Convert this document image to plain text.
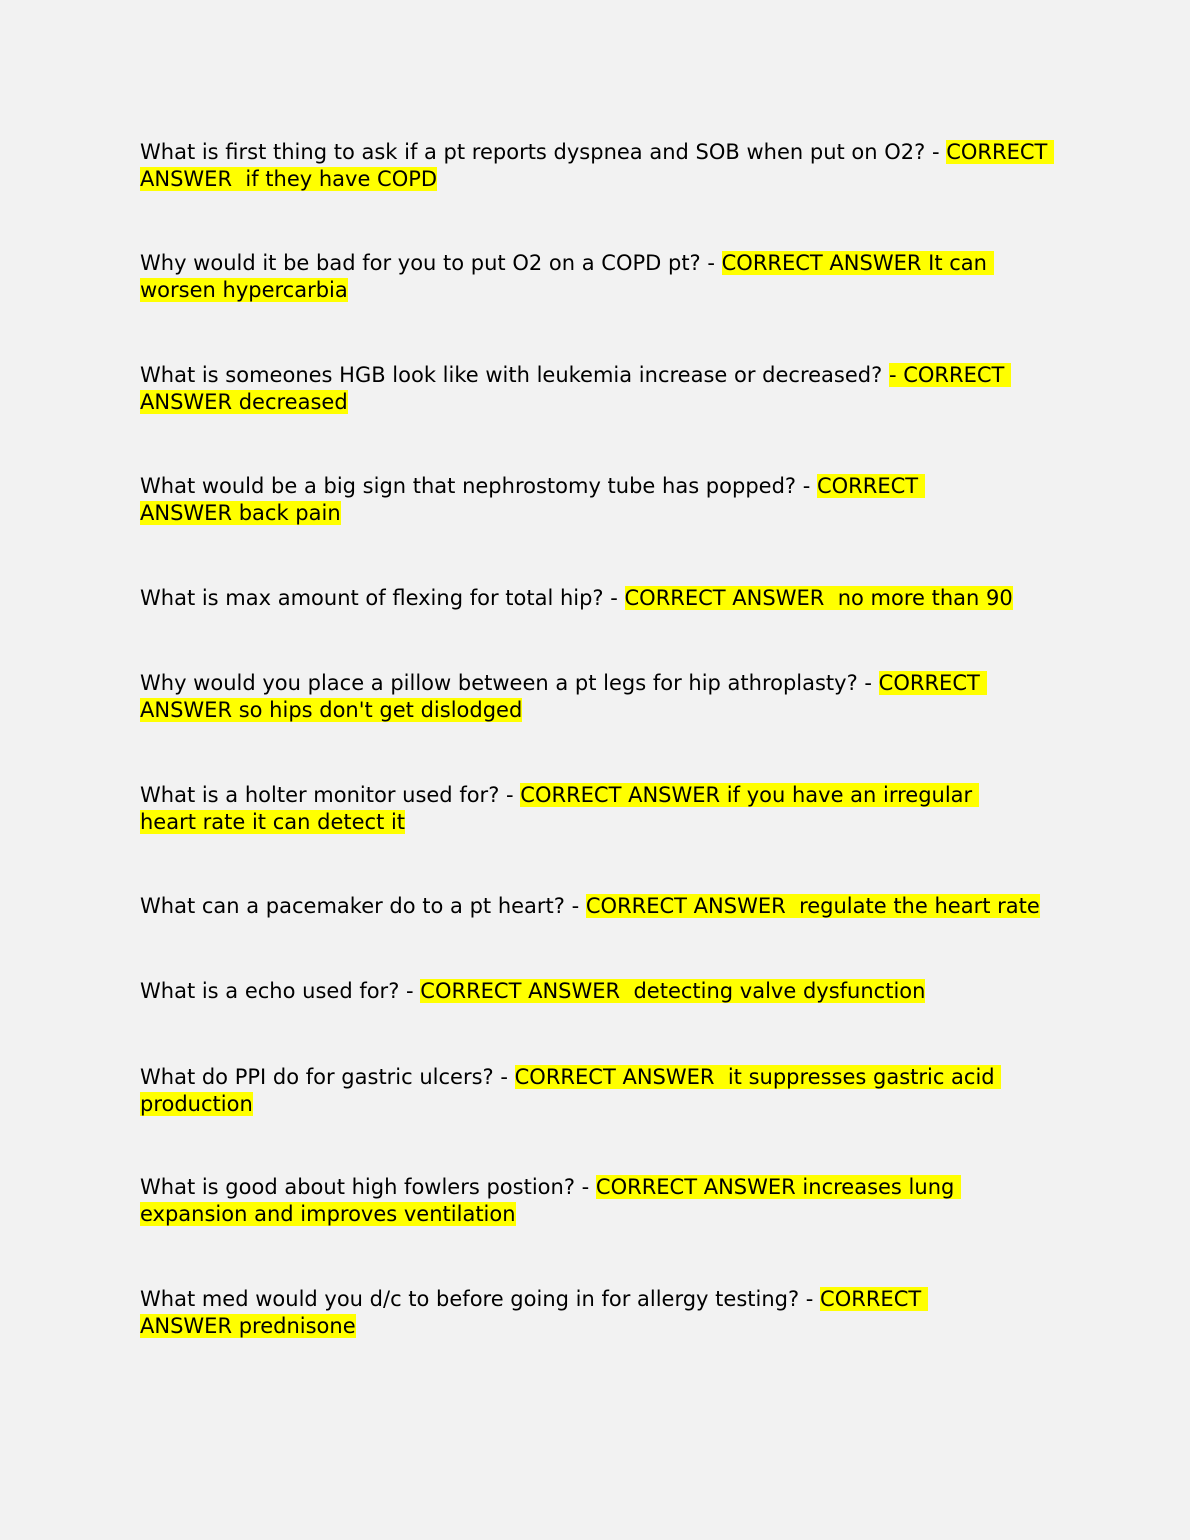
What is first thing to ask if a pt reports dyspnea and SOB when put on O2? - CORRECT ANSWER  if they have COPD

Why would it be bad for you to put O2 on a COPD pt? - CORRECT ANSWER It can worsen hypercarbia

What is someones HGB look like with leukemia increase or decreased? - CORRECT ANSWER decreased

What would be a big sign that nephrostomy tube has popped? - CORRECT ANSWER back pain

What is max amount of flexing for total hip? - CORRECT ANSWER  no more than 90

Why would you place a pillow between a pt legs for hip athroplasty? - CORRECT ANSWER so hips don't get dislodged

What is a holter monitor used for? - CORRECT ANSWER if you have an irregular heart rate it can detect it

What can a pacemaker do to a pt heart? - CORRECT ANSWER  regulate the heart rate

What is a echo used for? - CORRECT ANSWER  detecting valve dysfunction

What do PPI do for gastric ulcers? - CORRECT ANSWER  it suppresses gastric acid production

What is good about high fowlers postion? - CORRECT ANSWER increases lung expansion and improves ventilation

What med would you d/c to before going in for allergy testing? - CORRECT ANSWER prednisone
